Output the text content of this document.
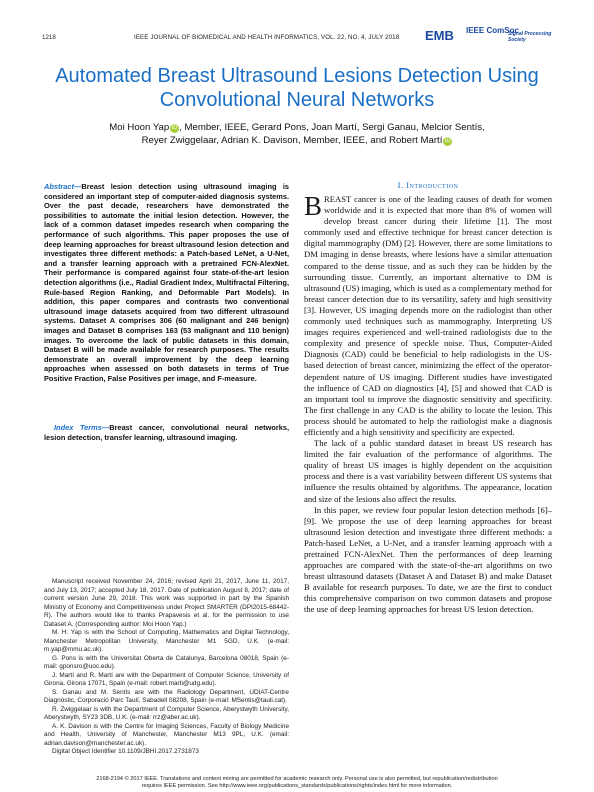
1218	IEEE JOURNAL OF BIOMEDICAL AND HEALTH INFORMATICS, VOL. 22, NO. 4, JULY 2018 EMB IEEE ComSoc
Signal Processing Society
Automated Breast Ultrasound Lesions Detection Using Convolutional Neural Networks
Moi Hoon Yap iD , Member, IEEE, Gerard Pons, Joan Martí, Sergi Ganau, Melcior Sentís,
Reyer Zwiggelaar, Adrian K. Davison, Member, IEEE, and Robert Martí iD
Abstract—Breast lesion detection using ultrasound imaging is considered an important step of computer-aided diagnosis systems. Over the past decade, researchers have demonstrated the possibilities to automate the initial lesion detection. However, the lack of a common dataset impedes research when comparing the performance of such algorithms. This paper proposes the use of deep learning approaches for breast ultrasound lesion detection and investigates three different methods: a Patch-based LeNet, a U-Net, and a transfer learning approach with a pretrained FCN-AlexNet. Their performance is compared against four state-of-the-art lesion detection algorithms (i.e., Radial Gradient Index, Multifractal Filtering, Rule-based Region Ranking, and Deformable Part Models). In addition, this paper compares and contrasts two conventional ultrasound image datasets acquired from two different ultrasound systems. Dataset A comprises 306 (60 malignant and 246 benign) images and Dataset B comprises 163 (53 malignant and 110 benign) images. To overcome the lack of public datasets in this domain, Dataset B will be made available for research purposes. The results demonstrate an overall improvement by the deep learning approaches when assessed on both datasets in terms of True Positive Fraction, False Positives per image, and F-measure.
Index Terms—Breast cancer, convolutional neural networks, lesion detection, transfer learning, ultrasound imaging.

Manuscript received November 24, 2016; revised April 21, 2017, June 11, 2017, and July 13, 2017; accepted July 18, 2017. Date of publication August 8, 2017; date of current version June 29, 2018. This work was supported in part by the Spanish Ministry of Economy and Competitiveness under Project SMARTER (DPI2015-68442-R). The authors would like to thanks Prapavesis et al. for the permission to use Dataset A. (Corresponding author: Moi Hoon Yap.)

M. H. Yap is with the School of Computing, Mathematics and Digital Technology, Manchester Metropolitan University, Manchester M1 5GD, U.K. (e-mail: m.yap@mmu.ac.uk).

G. Pons is with the Universitat Oberta de Catalunya, Barcelona 08018, Spain (e-mail: gponsro@uoc.edu).

J. Martí and R. Martí are with the Department of Computer Science, University of Girona, Girona 17071, Spain (e-mail: robert.marti@udg.edu).

S. Ganau and M. Sentís are with the Radiology Department, UDIAT-Centre Diagnòstic, Corporació Parc Taulí, Sabadell 08208, Spain (e-mail: MSentis@tauli.cat).

R. Zwiggelaar is with the Department of Computer Science, Aberystwyth University, Aberystwyth, SY23 3DB, U.K. (e-mail: rrz@aber.ac.uk).

A. K. Davison is with the Centre for Imaging Sciences, Faculty of Biology Medicine and Health, University of Manchester, Manchester M13 9PL, U.K. (email: adrian.davison@manchester.ac.uk).

Digital Object Identifier 10.1109/JBHI.2017.2731873

I. Introduction

BREAST cancer is one of the leading causes of death for women worldwide and it is expected that more than 8% of women will develop breast cancer during their lifetime [1]. The most commonly used and effective technique for breast cancer detection is digital mammography (DM) [2]. However, there are some limitations to DM imaging in dense breasts, where lesions have a similar attenuation compared to the dense tissue, and as such they can be hidden by the surrounding tissue. Currently, an important alternative to DM is ultrasound (US) imaging, which is used as a complementary method for breast cancer detection due to its versatility, safety and high sensitivity [3]. However, US imaging depends more on the radiologist than other commonly used techniques such as mammography. Interpreting US images requires experienced and well-trained radiologists due to the complexity and presence of speckle noise. Thus, Computer-Aided Diagnosis (CAD) could be beneficial to help radiologists in the US-based detection of breast cancer, minimizing the effect of the operator-dependent nature of US imaging. Different studies have investigated the influence of CAD on diagnostics [4], [5] and showed that CAD is an important tool to improve the diagnostic sensitivity and specificity. The first challenge in any CAD is the ability to locate the lesion. This process should be automated to help the radiologist make a diagnosis efficiently and a high sensitivity and specificity are expected.

The lack of a public standard dataset in breast US research has limited the fair evaluation of the performance of algorithms. The quality of breast US images is highly dependent on the acquisition process and there is a vast variability between different US systems that influence the results obtained by algorithms. The appearance, location and size of the lesions also affect the results.

In this paper, we review four popular lesion detection methods [6]–[9]. We propose the use of deep learning approaches for breast ultrasound lesion detection and investigate three different methods: a Patch-based LeNet, a U-Net, and a transfer learning approach with a pretrained FCN-AlexNet. Then the performances of deep learning approaches are compared with the state-of-the-art algorithms on two breast ultrasound datasets (Dataset A and Dataset B) and make Dataset B available for research purposes. To date, we are the first to conduct this comprehensive comparison on two common datasets and propose the use of deep learning approaches for breast US lesion detection.

2168-2194 © 2017 IEEE. Translations and content mining are permitted for academic research only. Personal use is also permitted, but republication/redistribution
requires IEEE permission. See http://www.ieee.org/publications_standards/publications/rights/index.html for more information.
